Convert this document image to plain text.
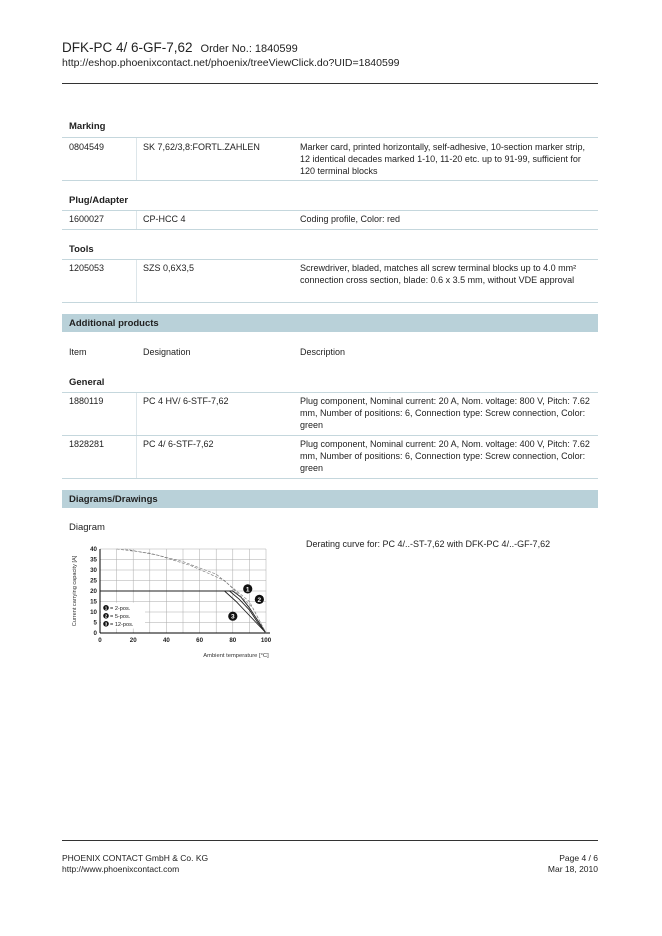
DFK-PC 4/ 6-GF-7,62 Order No.: 1840599
http://eshop.phoenixcontact.net/phoenix/treeViewClick.do?UID=1840599
Marking
0804549	SK 7,62/3,8:FORTL.ZAHLEN	Marker card, printed horizontally, self-adhesive, 10-section marker strip, 12 identical decades marked 1-10, 11-20 etc. up to 91-99, sufficient for 120 terminal blocks
Plug/Adapter
1600027	CP-HCC 4	Coding profile, Color: red
Tools
1205053	SZS 0,6X3,5	Screwdriver, bladed, matches all screw terminal blocks up to 4.0 mm² connection cross section, blade: 0.6 x 3.5 mm, without VDE approval
Additional products
Item	Designation	Description
General
1880119	PC 4 HV/ 6-STF-7,62	Plug component, Nominal current: 20 A, Nom. voltage: 800 V, Pitch: 7.62 mm, Number of positions: 6, Connection type: Screw connection, Color: green
1828281	PC 4/ 6-STF-7,62	Plug component, Nominal current: 20 A, Nom. voltage: 400 V, Pitch: 7.62 mm, Number of positions: 6, Connection type: Screw connection, Color: green
Diagrams/Drawings
Diagram
Derating curve for: PC 4/..-ST-7,62 with DFK-PC 4/..-GF-7,62
Current carrying capacity [A]
Ambient temperature [°C]
0	20	40	60	80	100
0
5
10
15
20
25
30
35
40
1
2
3
1 = 2-pos.
2 = 5-pos.
3 = 12-pos.
PHOENIX CONTACT GmbH & Co. KG
http://www.phoenixcontact.com
Page 4 / 6
Mar 18, 2010
